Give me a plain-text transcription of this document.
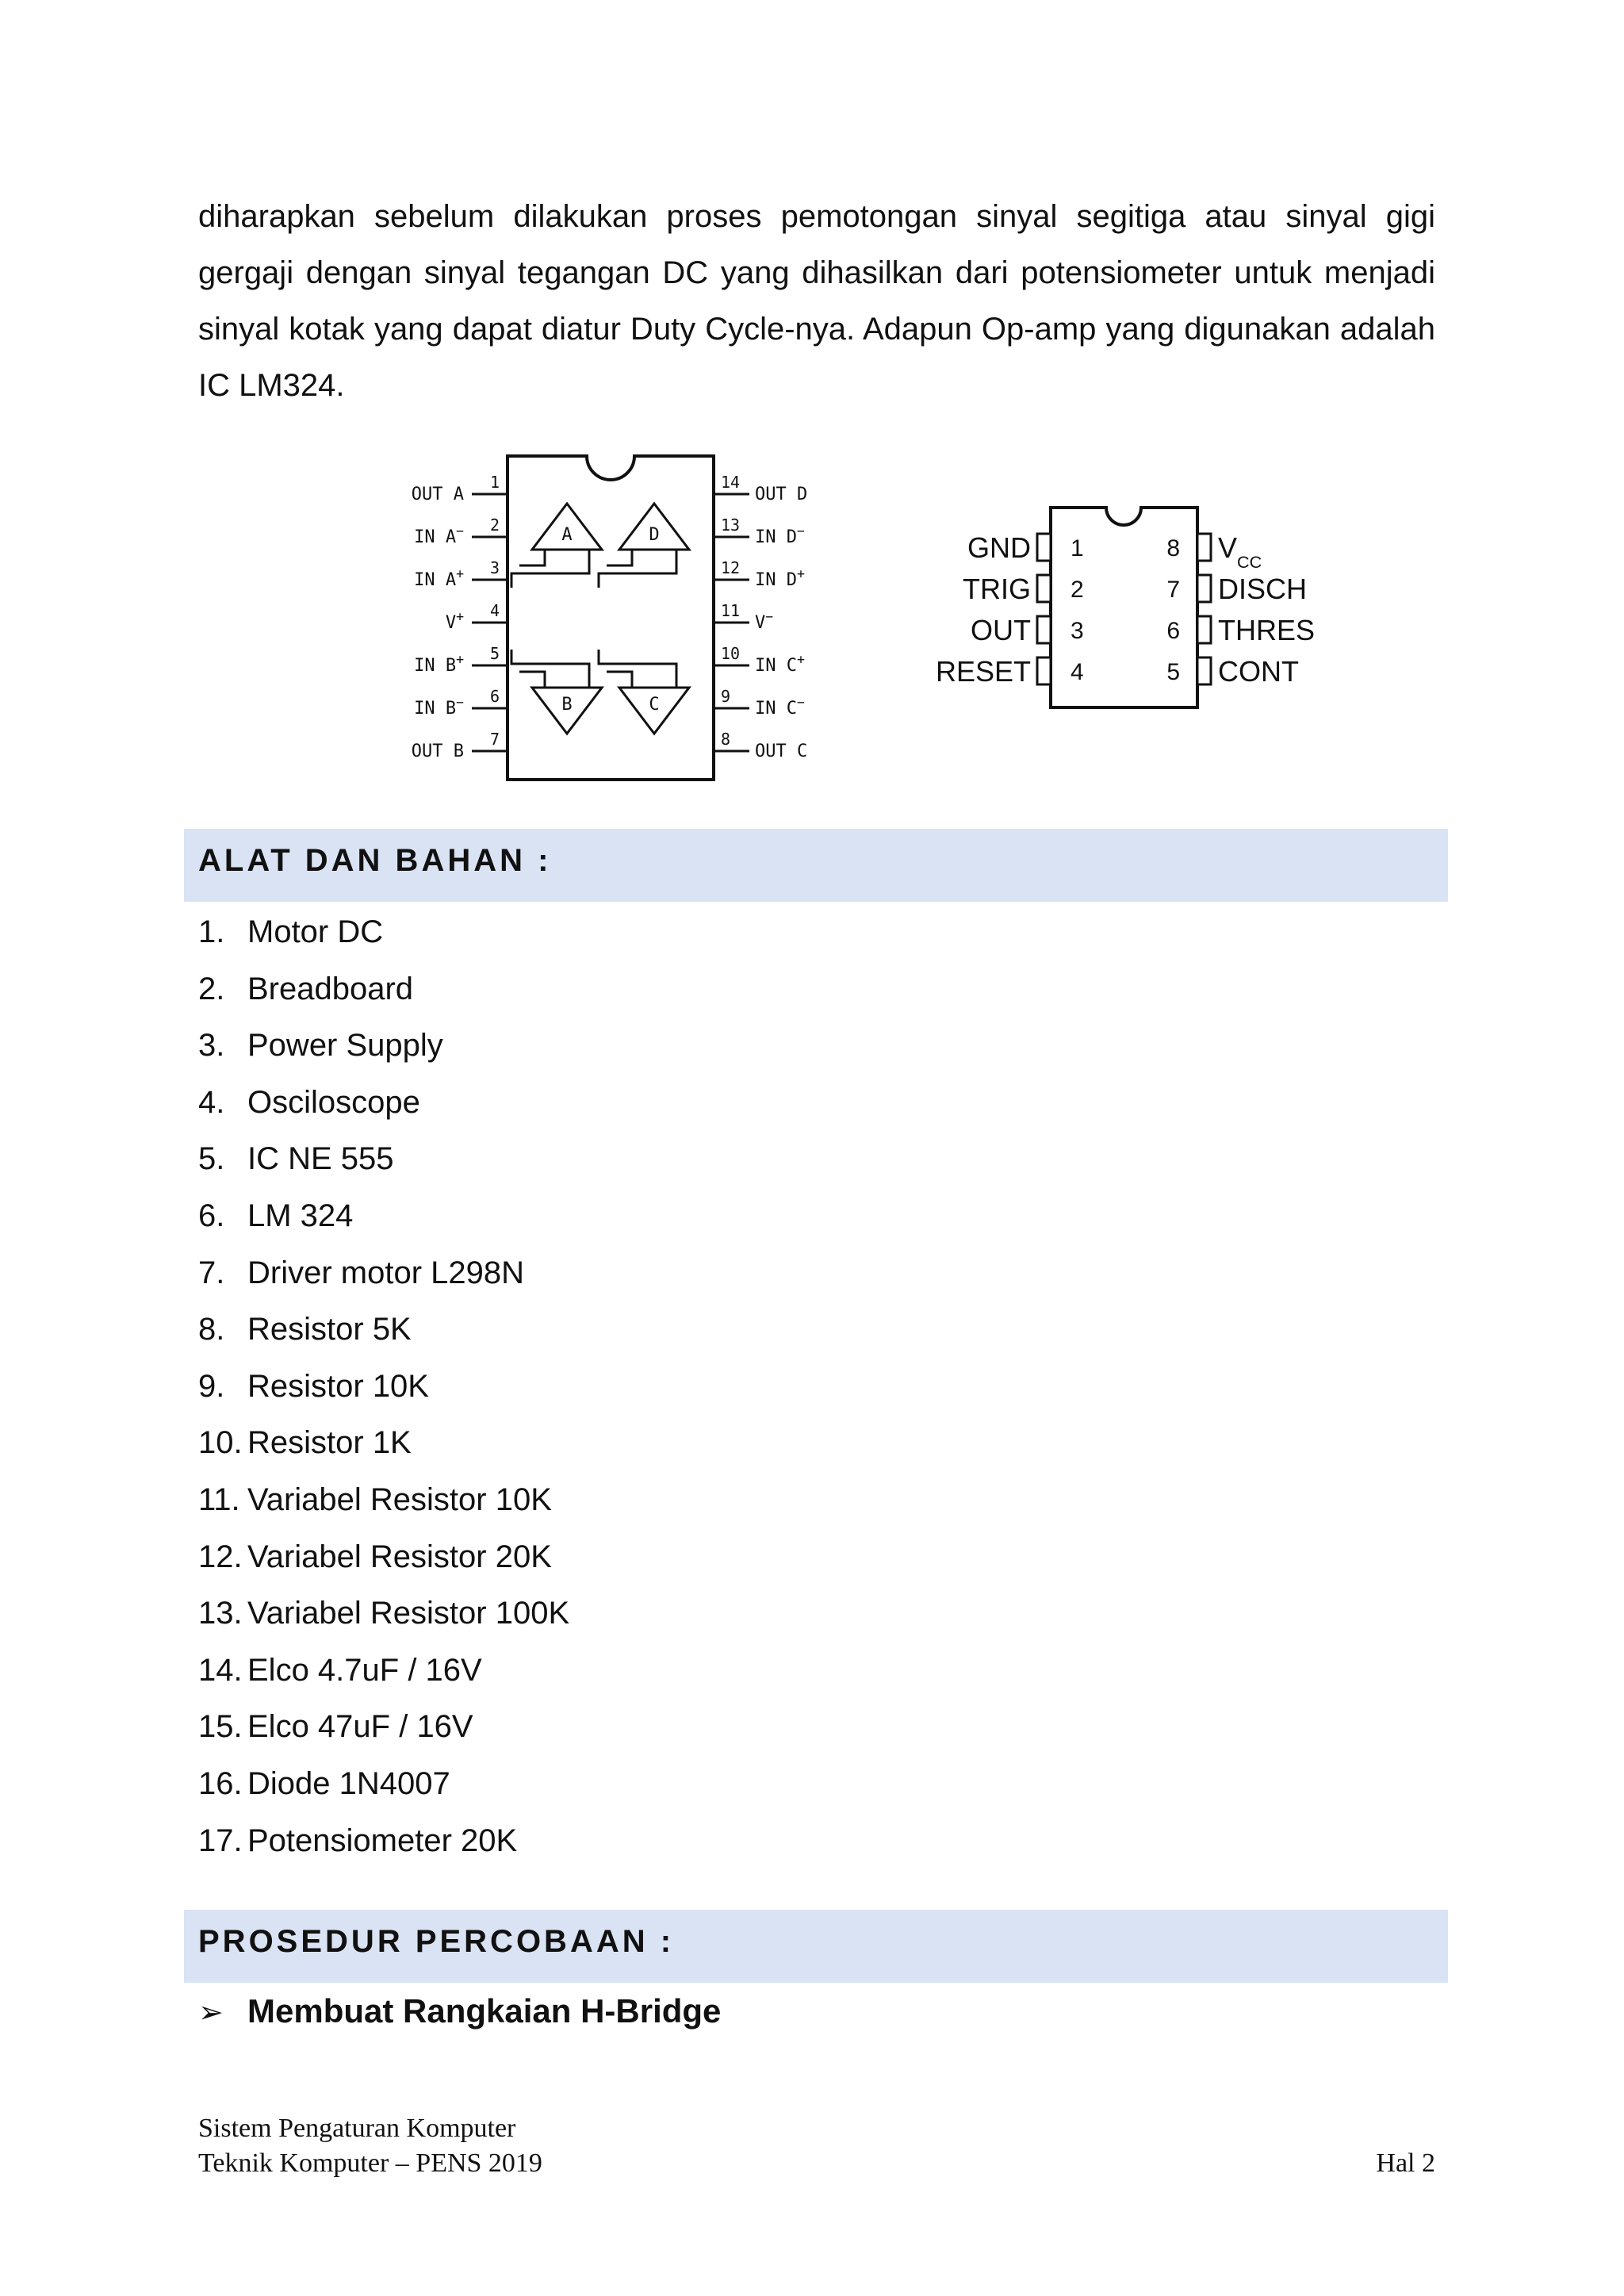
diharapkan sebelum dilakukan proses pemotongan sinyal segitiga atau sinyal gigi gergaji dengan sinyal tegangan DC yang dihasilkan dari potensiometer untuk menjadi sinyal kotak yang dapat diatur Duty Cycle-nya. Adapun Op-amp yang digunakan adalah IC LM324.

1
OUT A
2
IN A−
3
IN A+
4
V+
5
IN B+
6
IN B−
7
OUT B
14
OUT D
13
IN D−
12
IN D+
11
V−
10
IN C+
9
IN C−
8
OUT C
A	D
B	C
1
GND
2
TRIG
3
OUT
4
RESET
8 $V_{CC}$
7 DISCH
6 THRES
5 CONT
ALAT DAN BAHAN :
1. Motor DC
2. Breadboard
3. Power Supply
4. Osciloscope
5. IC NE 555
6. LM 324
7. Driver motor L298N
8. Resistor 5K
9. Resistor 10K
10. Resistor 1K
11. Variabel Resistor 10K
12. Variabel Resistor 20K
13. Variabel Resistor 100K
14. Elco 4.7uF / 16V
15. Elco 47uF / 16V
16. Diode 1N4007
17. Potensiometer 20K
PROSEDUR PERCOBAAN :
➢ Membuat Rangkaian H-Bridge
Sistem Pengaturan Komputer
Teknik Komputer – PENS 2019	Hal 2
